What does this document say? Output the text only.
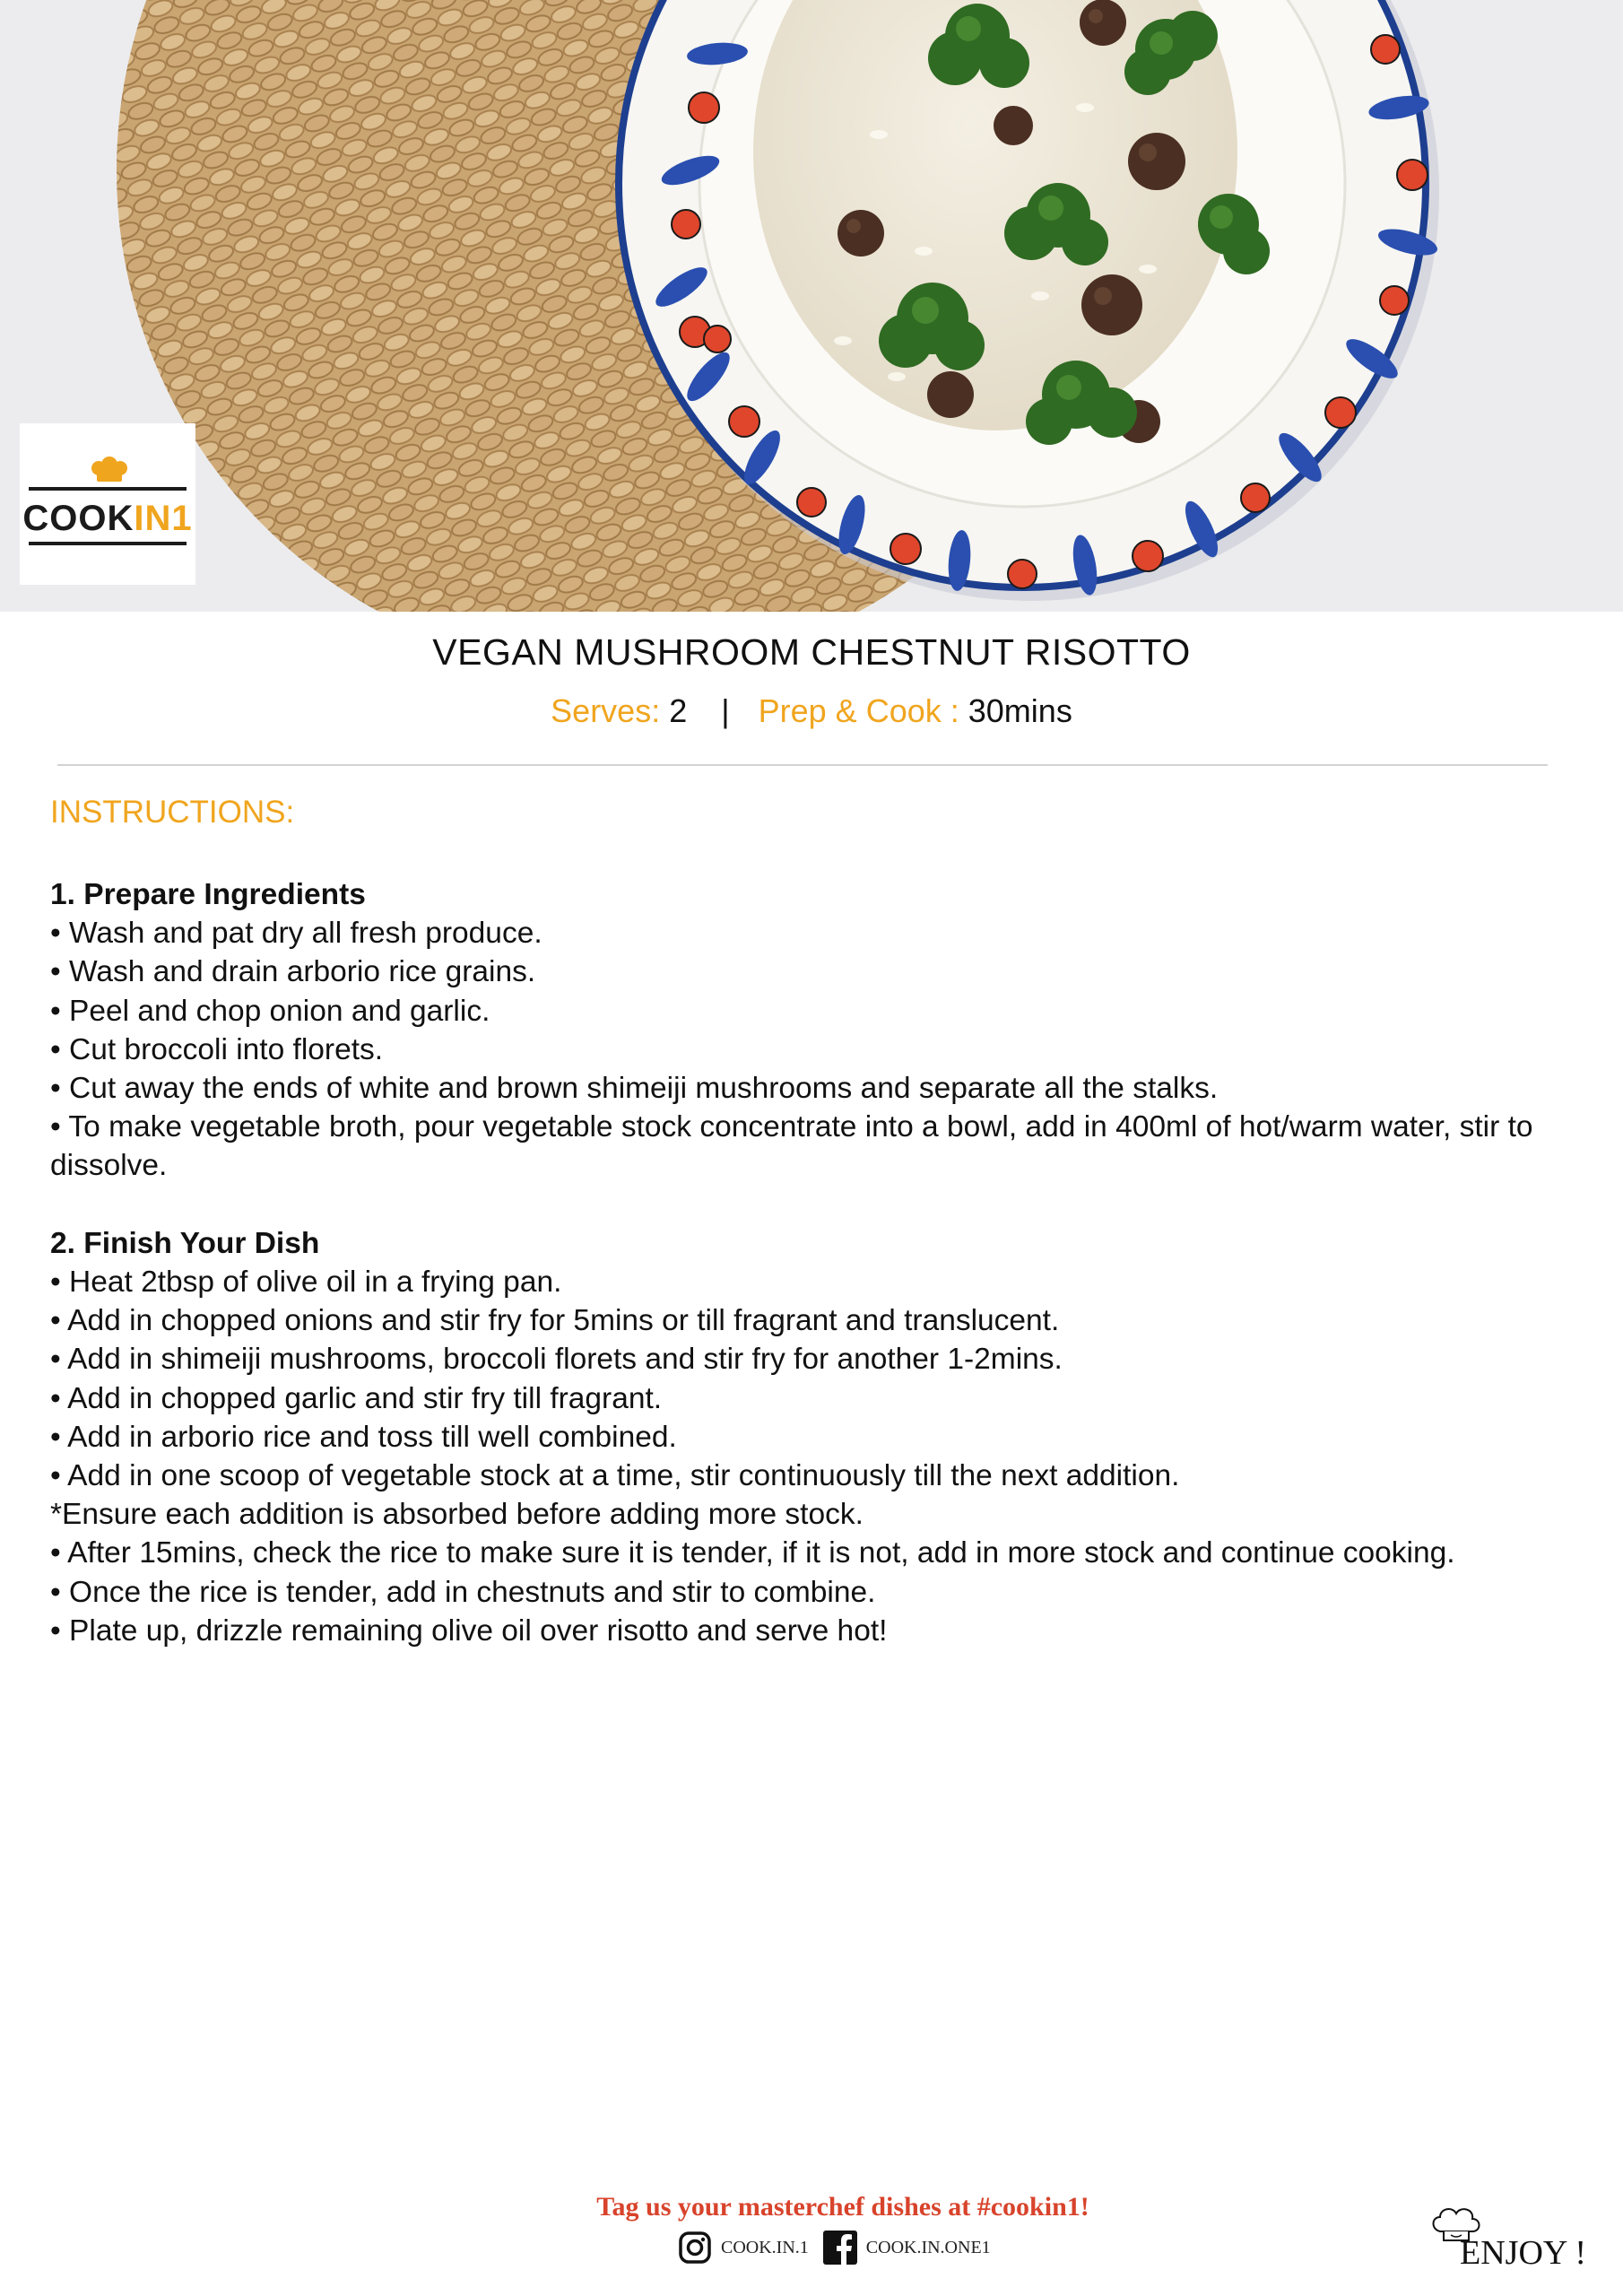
COOKIN1
VEGAN MUSHROOM CHESTNUT RISOTTO
Serves: 2 | Prep & Cook : 30mins
INSTRUCTIONS:
1. Prepare Ingredients
• Wash and pat dry all fresh produce.
• Wash and drain arborio rice grains.
• Peel and chop onion and garlic.
• Cut broccoli into florets.
• Cut away the ends of white and brown shimeiji mushrooms and separate all the stalks.
• To make vegetable broth, pour vegetable stock concentrate into a bowl, add in 400ml of hot/warm water, stir to dissolve.
2. Finish Your Dish
• Heat 2tbsp of olive oil in a frying pan.
• Add in chopped onions and stir fry for 5mins or till fragrant and translucent.
• Add in shimeiji mushrooms, broccoli florets and stir fry for another 1-2mins.
• Add in chopped garlic and stir fry till fragrant.
• Add in arborio rice and toss till well combined.
• Add in one scoop of vegetable stock at a time, stir continuously till the next addition.
*Ensure each addition is absorbed before adding more stock.
• After 15mins, check the rice to make sure it is tender, if it is not, add in more stock and continue cooking.
• Once the rice is tender, add in chestnuts and stir to combine.
• Plate up, drizzle remaining olive oil over risotto and serve hot!
Tag us your masterchef dishes at #cookin1!
COOK.IN.1	COOK.IN.ONE1	ENJOY !
